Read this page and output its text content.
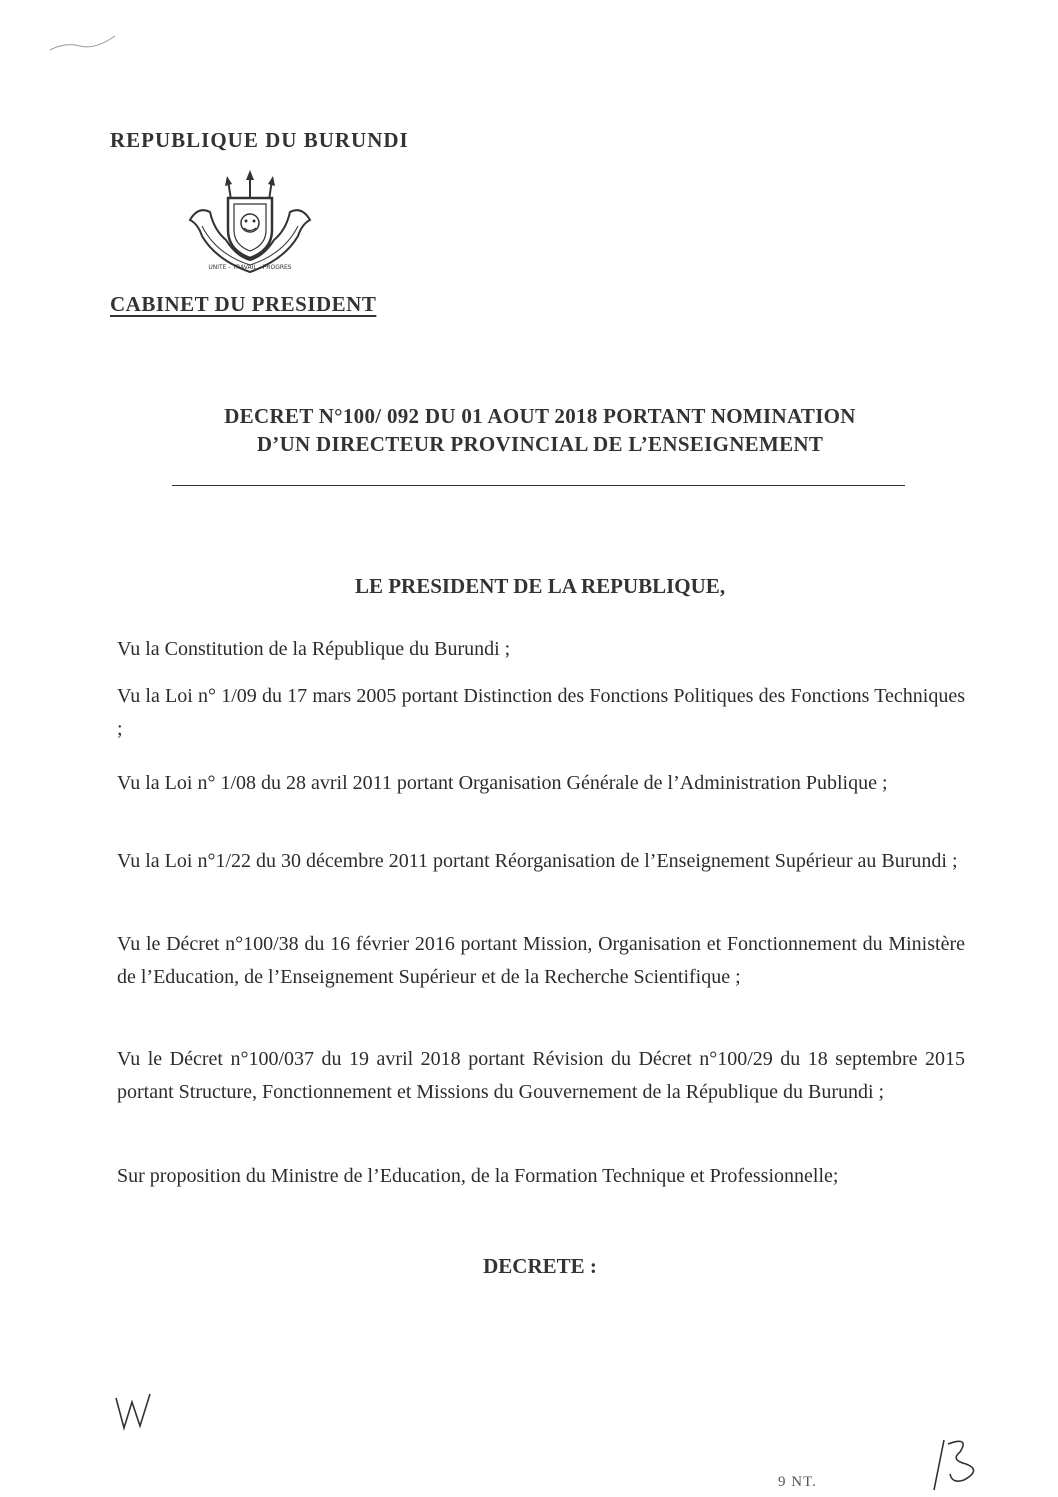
REPUBLIQUE DU BURUNDI
UNITE - TRAVAIL - PROGRES
CABINET DU PRESIDENT
DECRET N°100/ 092 DU 01 AOUT 2018 PORTANT NOMINATION
D’UN DIRECTEUR PROVINCIAL DE L’ENSEIGNEMENT
LE PRESIDENT DE LA REPUBLIQUE,
Vu la Constitution de la République du Burundi ;
Vu la Loi n° 1/09 du 17 mars 2005 portant Distinction des Fonctions Politiques des Fonctions Techniques ;
Vu la Loi n° 1/08 du 28 avril 2011 portant Organisation Générale de l’Administration Publique ;
Vu la Loi n°1/22 du 30 décembre 2011 portant Réorganisation de l’Enseignement Supérieur au Burundi ;
Vu le Décret n°100/38 du 16 février 2016 portant Mission, Organisation et Fonctionnement du Ministère de l’Education, de l’Enseignement Supérieur et de la Recherche Scientifique ;
Vu le Décret n°100/037 du 19 avril 2018 portant Révision du Décret n°100/29 du 18 septembre 2015 portant Structure, Fonctionnement et Missions du Gouvernement de la République du Burundi ;
Sur proposition du Ministre de l’Education, de la Formation Technique et Professionnelle;
DECRETE :
9 NT.
